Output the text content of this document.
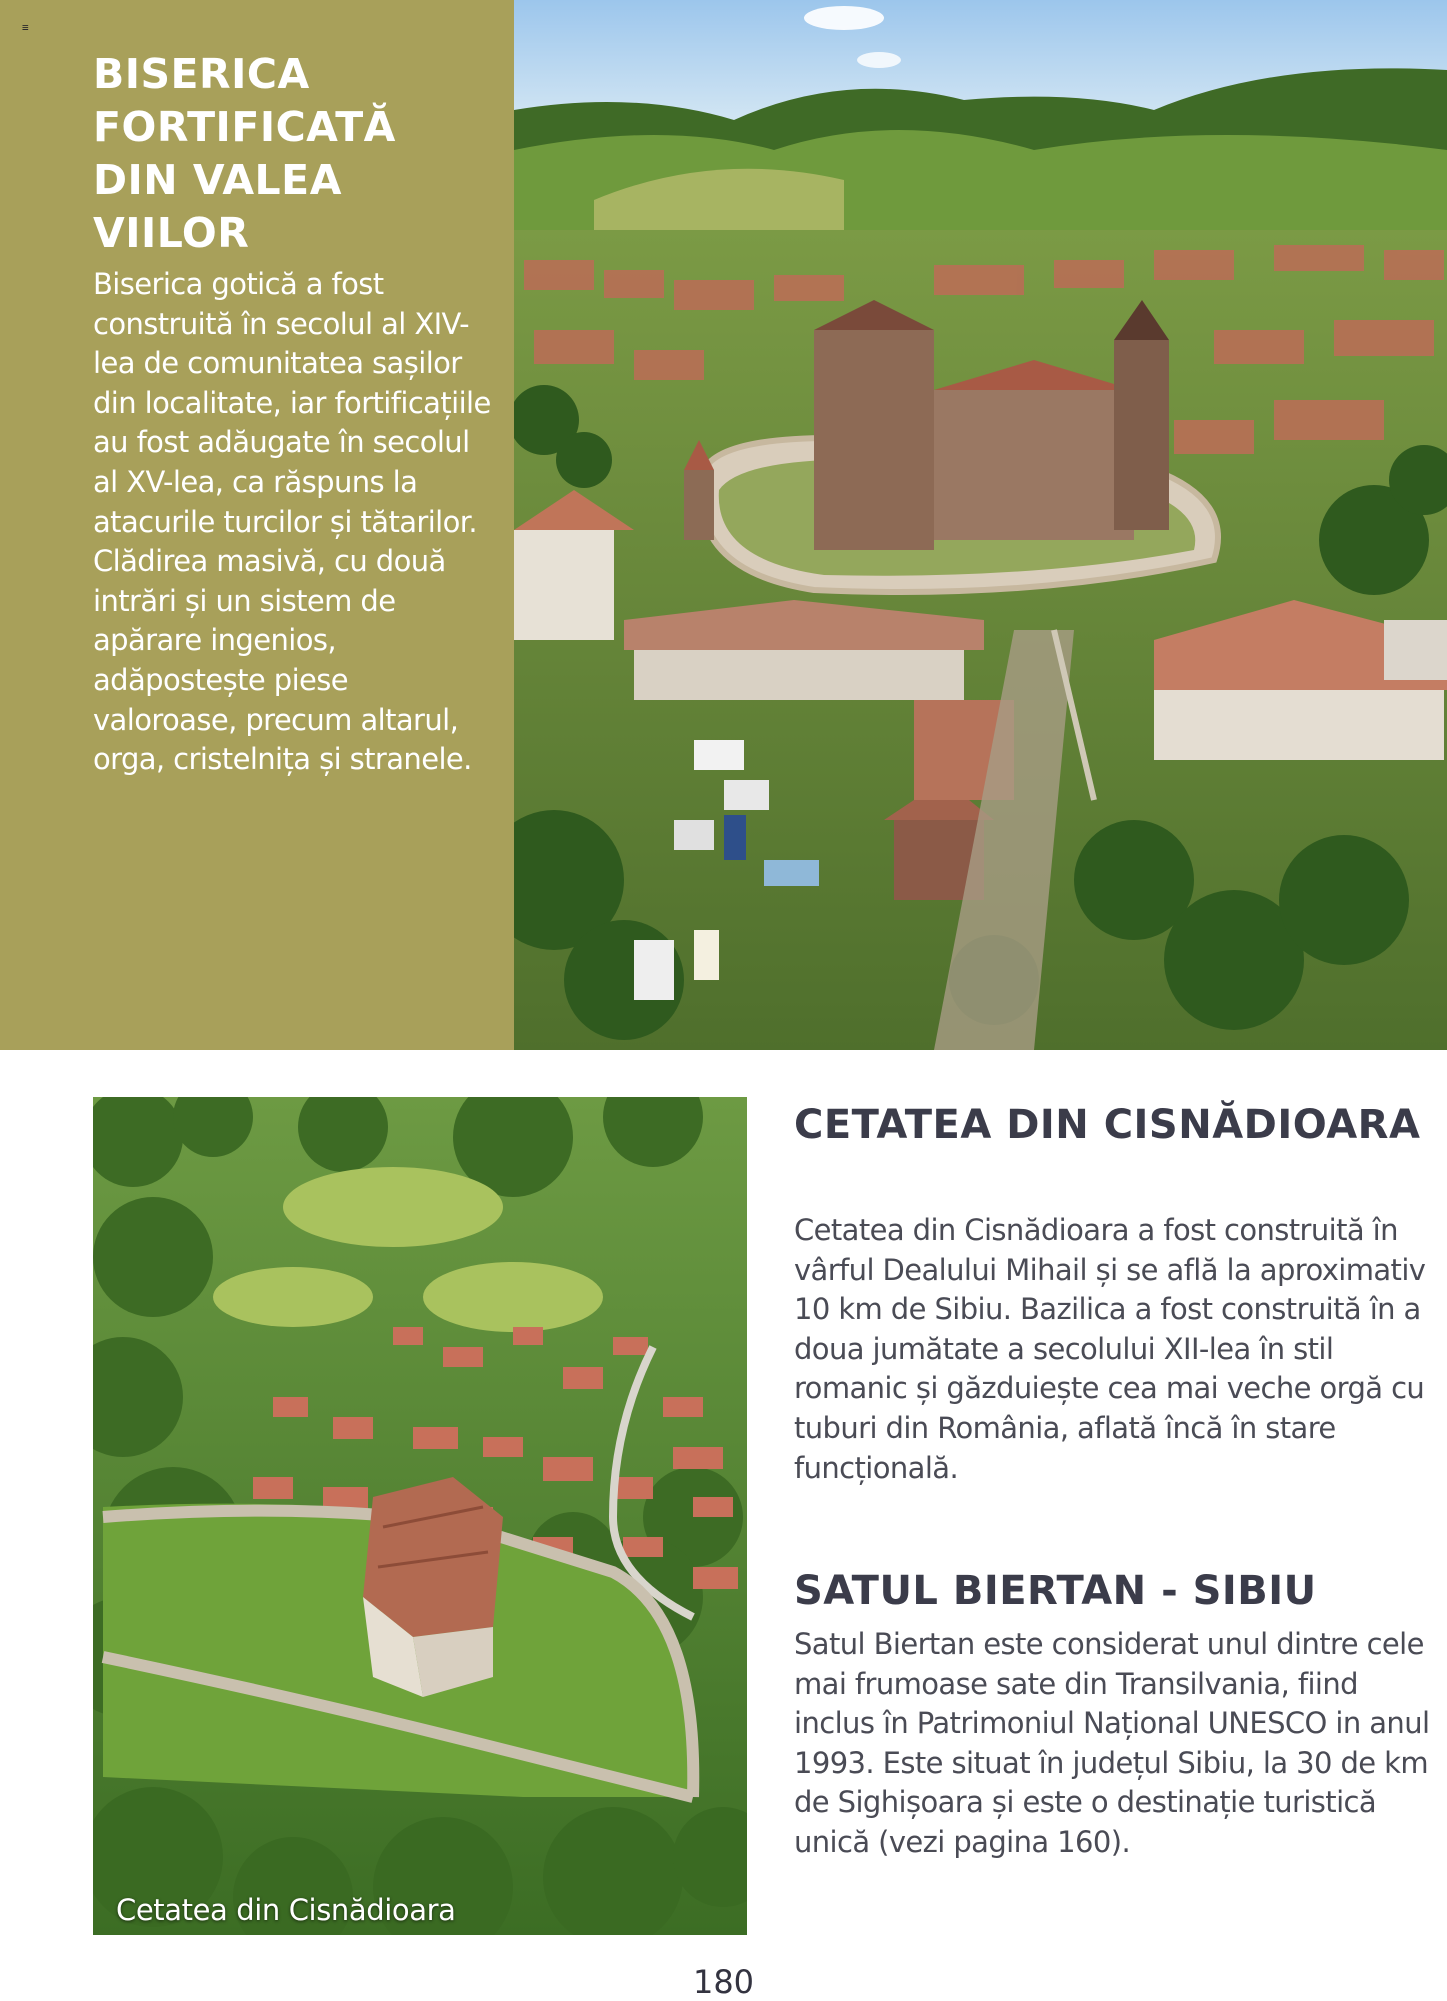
≡
BISERICA FORTIFICATĂ DIN VALEA VIILOR

Biserica gotică a fost construită în secolul al XIV-lea de comunitatea sașilor din localitate, iar fortificațiile au fost adăugate în secolul al XV-lea, ca răspuns la atacurile turcilor și tătarilor. Clădirea masivă, cu două intrări și un sistem de apărare ingenios, adăpostește piese valoroase, precum altarul, orga, cristelnița și stranele.

Cetatea din Cisnădioara
CETATEA DIN CISNĂDIOARA

Cetatea din Cisnădioara a fost construită în vârful Dealului Mihail și se află la aproximativ 10 km de Sibiu. Bazilica a fost construită în a doua jumătate a secolului XII-lea în stil romanic și găzduiește cea mai veche orgă cu tuburi din România, aflată încă în stare funcțională.

SATUL BIERTAN - SIBIU

Satul Biertan este considerat unul dintre cele mai frumoase sate din Transilvania, fiind inclus în Patrimoniul Național UNESCO in anul 1993. Este situat în județul Sibiu, la 30 de km de Sighișoara și este o destinație turistică unică (vezi pagina 160).

180
